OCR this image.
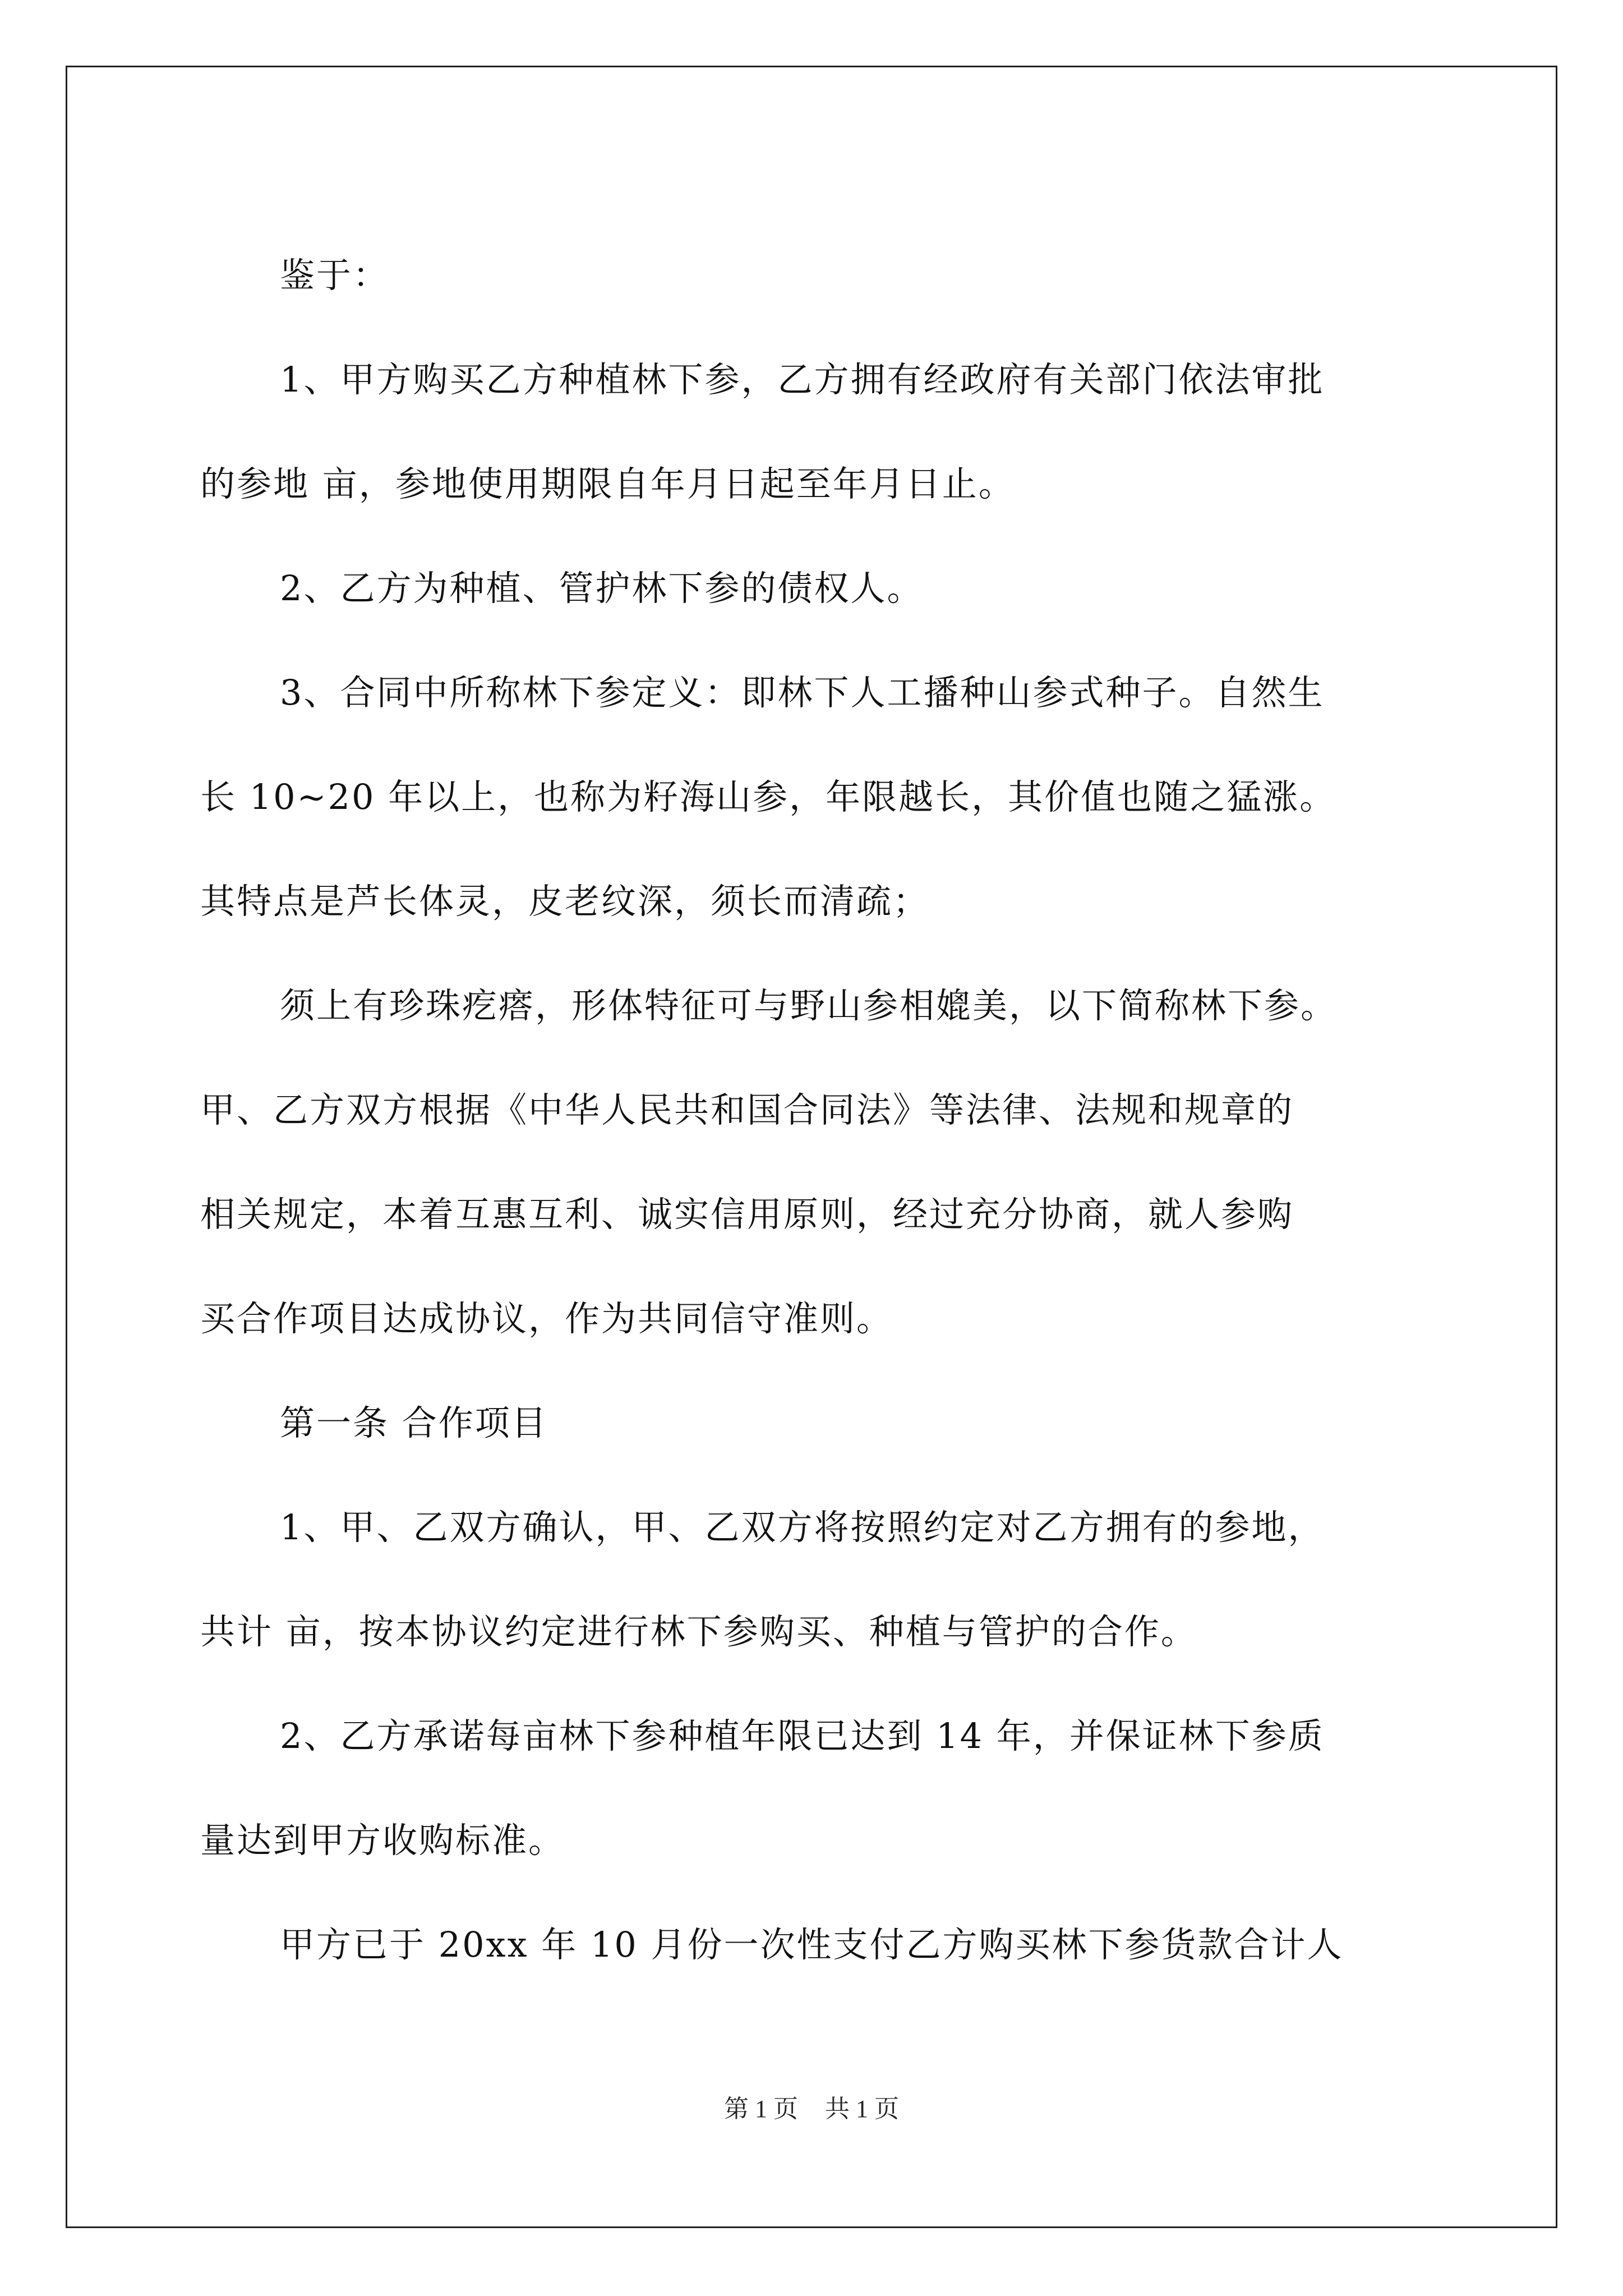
鉴于：

1、甲方购买乙方种植林下参，乙方拥有经政府有关部门依法审批

的参地 亩，参地使用期限自年月日起至年月日止。

2、乙方为种植、管护林下参的债权人。

3、合同中所称林下参定义：即林下人工播种山参式种子。自然生

长 10~20 年以上，也称为籽海山参，年限越长，其价值也随之猛涨。

其特点是芦长体灵，皮老纹深，须长而清疏；

须上有珍珠疙瘩，形体特征可与野山参相媲美，以下简称林下参。

甲、乙方双方根据《中华人民共和国合同法》等法律、法规和规章的

相关规定，本着互惠互利、诚实信用原则，经过充分协商，就人参购

买合作项目达成协议，作为共同信守准则。

第一条 合作项目

1、甲、乙双方确认，甲、乙双方将按照约定对乙方拥有的参地，

共计 亩，按本协议约定进行林下参购买、种植与管护的合作。

2、乙方承诺每亩林下参种植年限已达到 14 年，并保证林下参质

量达到甲方收购标准。

甲方已于 20xx 年 10 月份一次性支付乙方购买林下参货款合计人

第 1 页 共 1 页
